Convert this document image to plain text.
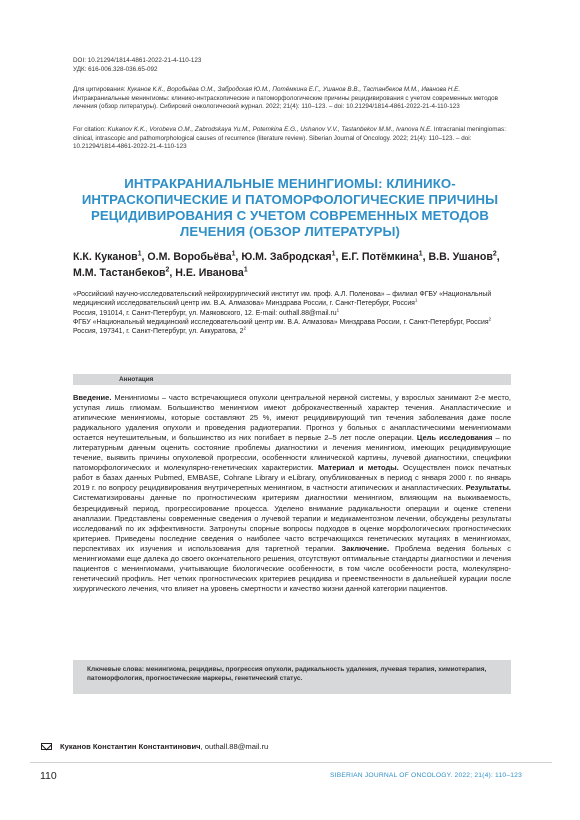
DOI: 10.21294/1814-4861-2022-21-4-110-123
УДК: 616-006.328-036.65-092
Для цитирования: Куканов К.К., Воробьёва О.М., Забродская Ю.М., Потёмкина Е.Г., Ушанов В.В., Тастанбеков М.М., Иванова Н.Е. Интракраниальные менингиомы: клинико-интраскопические и патоморфологические причины рецидивирования с учетом современных методов лечения (обзор литературы). Сибирский онкологический журнал. 2022; 21(4): 110–123. – doi: 10.21294/1814-4861-2022-21-4-110-123
For citation: Kukanov K.K., Vorobeva O.M., Zabrodskaya Yu.M., Potemkina E.G., Ushanov V.V., Tastanbekov M.M., Ivanova N.E. Intracranial meningiomas: clinical, intrascopic and pathomorphological causes of recurrence (literature review). Siberian Journal of Oncology. 2022; 21(4): 110–123. – doi: 10.21294/1814-4861-2022-21-4-110-123
ИНТРАКРАНИАЛЬНЫЕ МЕНИНГИОМЫ: КЛИНИКО-ИНТРАСКОПИЧЕСКИЕ И ПАТОМОРФОЛОГИЧЕСКИЕ ПРИЧИНЫ РЕЦИДИВИРОВАНИЯ С УЧЕТОМ СОВРЕМЕННЫХ МЕТОДОВ ЛЕЧЕНИЯ (ОБЗОР ЛИТЕРАТУРЫ)
К.К. Куканов$^1$, О.М. Воробьёва$^1$, Ю.М. Забродская$^1$, Е.Г. Потёмкина$^1$, В.В. Ушанов$^2$, М.М. Тастанбеков$^2$, Н.Е. Иванова$^1$
«Российский научно-исследовательский нейрохирургический институт им. проф. А.Л. Поленова» – филиал ФГБУ «Национальный медицинский исследовательский центр им. В.А. Алмазова» Минздрава России, г. Санкт-Петербург, Россия$^1$
Россия, 191014, г. Санкт-Петербург, ул. Маяковского, 12. E-mail: $outhall.88@mail.ru^1$
ФГБУ «Национальный медицинский исследовательский центр им. В.А. Алмазова» Минздрава России, г. Санкт-Петербург, Россия$^2$
Россия, 197341, г. Санкт-Петербург, ул. Аккуратова, $2^2$
Аннотация
Введение. Менингиомы – часто встречающиеся опухоли центральной нервной системы, у взрослых занимают 2-е место, уступая лишь глиомам. Большинство менингиом имеют доброкачественный характер течения. Анапластические и атипические менингиомы, которые составляют 25 %, имеют рецидивирующий тип течения заболевания даже после радикального удаления опухоли и проведения радиотерапии. Прогноз у больных с анапластическими менингиомами остается неутешительным, и большинство из них погибает в первые 2–5 лет после операции. Цель исследования – по литературным данным оценить состояние проблемы диагностики и лечения менингиом, имеющих рецидивирующие течение, выявить причины опухолевой прогрессии, особенности клинической картины, лучевой диагностики, специфики патоморфологических и молекулярно-генетических характеристик. Материал и методы. Осуществлен поиск печатных работ в базах данных Pubmed, EMBASE, Cohrane Library и eLibrary, опубликованных в период с января 2000 г. по январь 2019 г. по вопросу рецидивирования внутричерепных менингиом, в частности атипических и анапластических. Результаты. Систематизированы данные по прогностическим критериям диагностики менингиом, влияющим на выживаемость, безрецидивный период, прогрессирование процесса. Уделено внимание радикальности операции и оценке степени анаплазии. Представлены современные сведения о лучевой терапии и медикаментозном лечении, обсуждены результаты исследований по их эффективности. Затронуты спорные вопросы подходов в оценке морфологических прогностических критериев. Приведены последние сведения о наиболее часто встречающихся генетических мутациях в менингиомах, перспективах их изучения и использования для таргетной терапии. Заключение. Проблема ведения больных с менингиомами еще далека до своего окончательного решения, отсутствуют оптимальные стандарты диагностики и лечения пациентов с менингиомами, учитывающие биологические особенности, в том числе особенности роста, молекулярно-генетический профиль. Нет четких прогностических критериев рецидива и преемственности в дальнейшей курации после хирургического лечения, что влияет на уровень смертности и качество жизни данной категории пациентов.
Ключевые слова: менингиома, рецидивы, прогрессия опухоли, радикальность удаления, лучевая терапия, химиотерапия, патоморфология, прогностические маркеры, генетический статус.
Куканов Константин Константинович, outhall.88@mail.ru
110	SIBERIAN JOURNAL OF ONCOLOGY. 2022; 21(4): 110–123
